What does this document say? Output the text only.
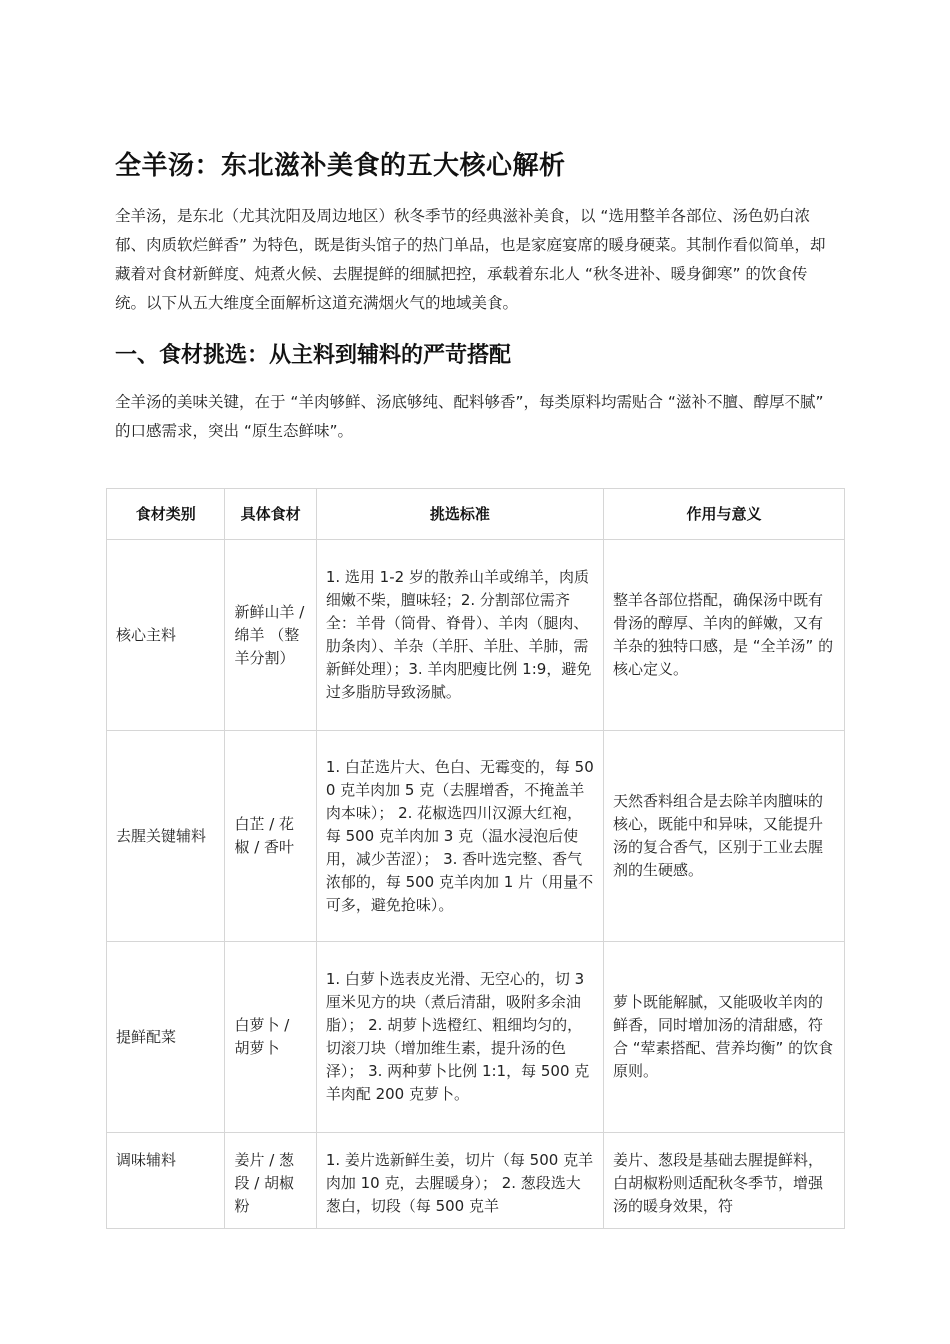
全羊汤：东北滋补美食的五大核心解析

全羊汤，是东北（尤其沈阳及周边地区）秋冬季节的经典滋补美食，以 “选用整羊各部位、汤色奶白浓郁、肉质软烂鲜香” 为特色，既是街头馆子的热门单品，也是家庭宴席的暖身硬菜。其制作看似简单，却藏着对食材新鲜度、炖煮火候、去腥提鲜的细腻把控，承载着东北人 “秋冬进补、暖身御寒” 的饮食传统。以下从五大维度全面解析这道充满烟火气的地域美食。

一、食材挑选：从主料到辅料的严苛搭配

全羊汤的美味关键，在于 “羊肉够鲜、汤底够纯、配料够香”，每类原料均需贴合 “滋补不膻、醇厚不腻” 的口感需求，突出 “原生态鲜味”。

食材类别	具体食材	挑选标准	作用与意义
核心主料	新鲜山羊 / 绵羊 （整羊分割）	1. 选用 1-2 岁的散养山羊或绵羊，肉质细嫩不柴，膻味轻；2. 分割部位需齐全：羊骨（筒骨、脊骨）、羊肉（腿肉、肋条肉）、羊杂（羊肝、羊肚、羊肺，需新鲜处理）；3. 羊肉肥瘦比例 1:9，避免过多脂肪导致汤腻。	整羊各部位搭配，确保汤中既有骨汤的醇厚、羊肉的鲜嫩，又有羊杂的独特口感，是 “全羊汤” 的核心定义。
去腥关键辅料	白芷 / 花椒 / 香叶	1. 白芷选片大、色白、无霉变的，每 500 克羊肉加 5 克（去腥增香，不掩盖羊肉本味）； 2. 花椒选四川汉源大红袍，每 500 克羊肉加 3 克（温水浸泡后使用，减少苦涩）； 3. 香叶选完整、香气浓郁的，每 500 克羊肉加 1 片（用量不可多，避免抢味）。	天然香料组合是去除羊肉膻味的核心，既能中和异味，又能提升汤的复合香气，区别于工业去腥剂的生硬感。
提鲜配菜	白萝卜 / 胡萝卜	1. 白萝卜选表皮光滑、无空心的，切 3 厘米见方的块（煮后清甜，吸附多余油脂）； 2. 胡萝卜选橙红、粗细均匀的，切滚刀块（增加维生素，提升汤的色泽）； 3. 两种萝卜比例 1:1，每 500 克羊肉配 200 克萝卜。	萝卜既能解腻，又能吸收羊肉的鲜香，同时增加汤的清甜感，符合 “荤素搭配、营养均衡” 的饮食原则。
调味辅料	姜片 / 葱段 / 胡椒粉	1. 姜片选新鲜生姜，切片（每 500 克羊肉加 10 克，去腥暖身）； 2. 葱段选大葱白，切段（每 500 克羊	姜片、葱段是基础去腥提鲜料，白胡椒粉则适配秋冬季节，增强汤的暖身效果，符
